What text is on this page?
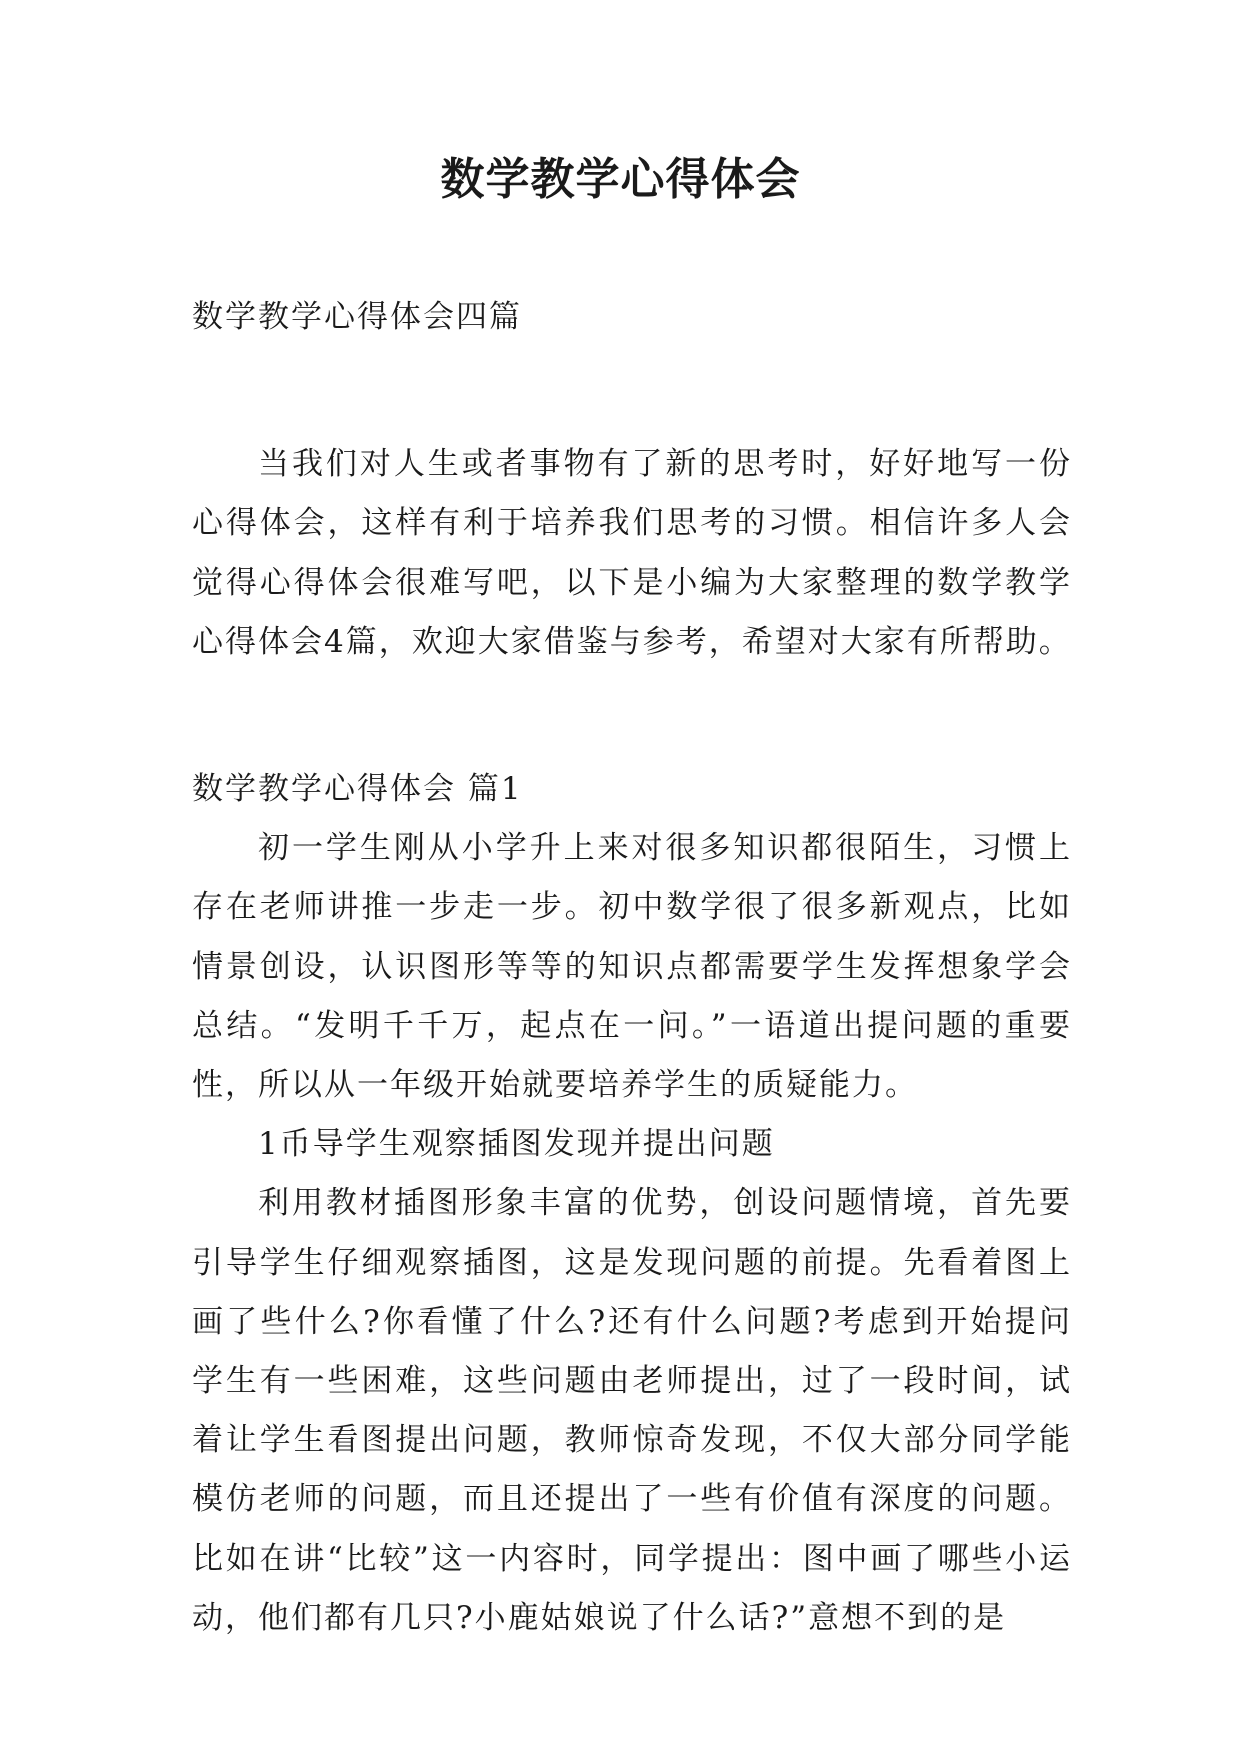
数学教学心得体会

数学教学心得体会四篇

当我们对人生或者事物有了新的思考时，好好地写一份心得体会，这样有利于培养我们思考的习惯。相信许多人会觉得心得体会很难写吧，以下是小编为大家整理的数学教学心得体会4篇，欢迎大家借鉴与参考，希望对大家有所帮助。

数学教学心得体会 篇1

初一学生刚从小学升上来对很多知识都很陌生，习惯上存在老师讲推一步走一步。初中数学很了很多新观点，比如情景创设，认识图形等等的知识点都需要学生发挥想象学会总结。“发明千千万，起点在一问。”一语道出提问题的重要性，所以从一年级开始就要培养学生的质疑能力。

1币导学生观察插图发现并提出问题

利用教材插图形象丰富的优势，创设问题情境，首先要引导学生仔细观察插图，这是发现问题的前提。先看着图上画了些什么?你看懂了什么?还有什么问题?考虑到开始提问学生有一些困难，这些问题由老师提出，过了一段时间，试着让学生看图提出问题，教师惊奇发现，不仅大部分同学能模仿老师的问题，而且还提出了一些有价值有深度的问题。比如在讲“比较”这一内容时，同学提出：图中画了哪些小运动，他们都有几只?小鹿姑娘说了什么话?”意想不到的是
